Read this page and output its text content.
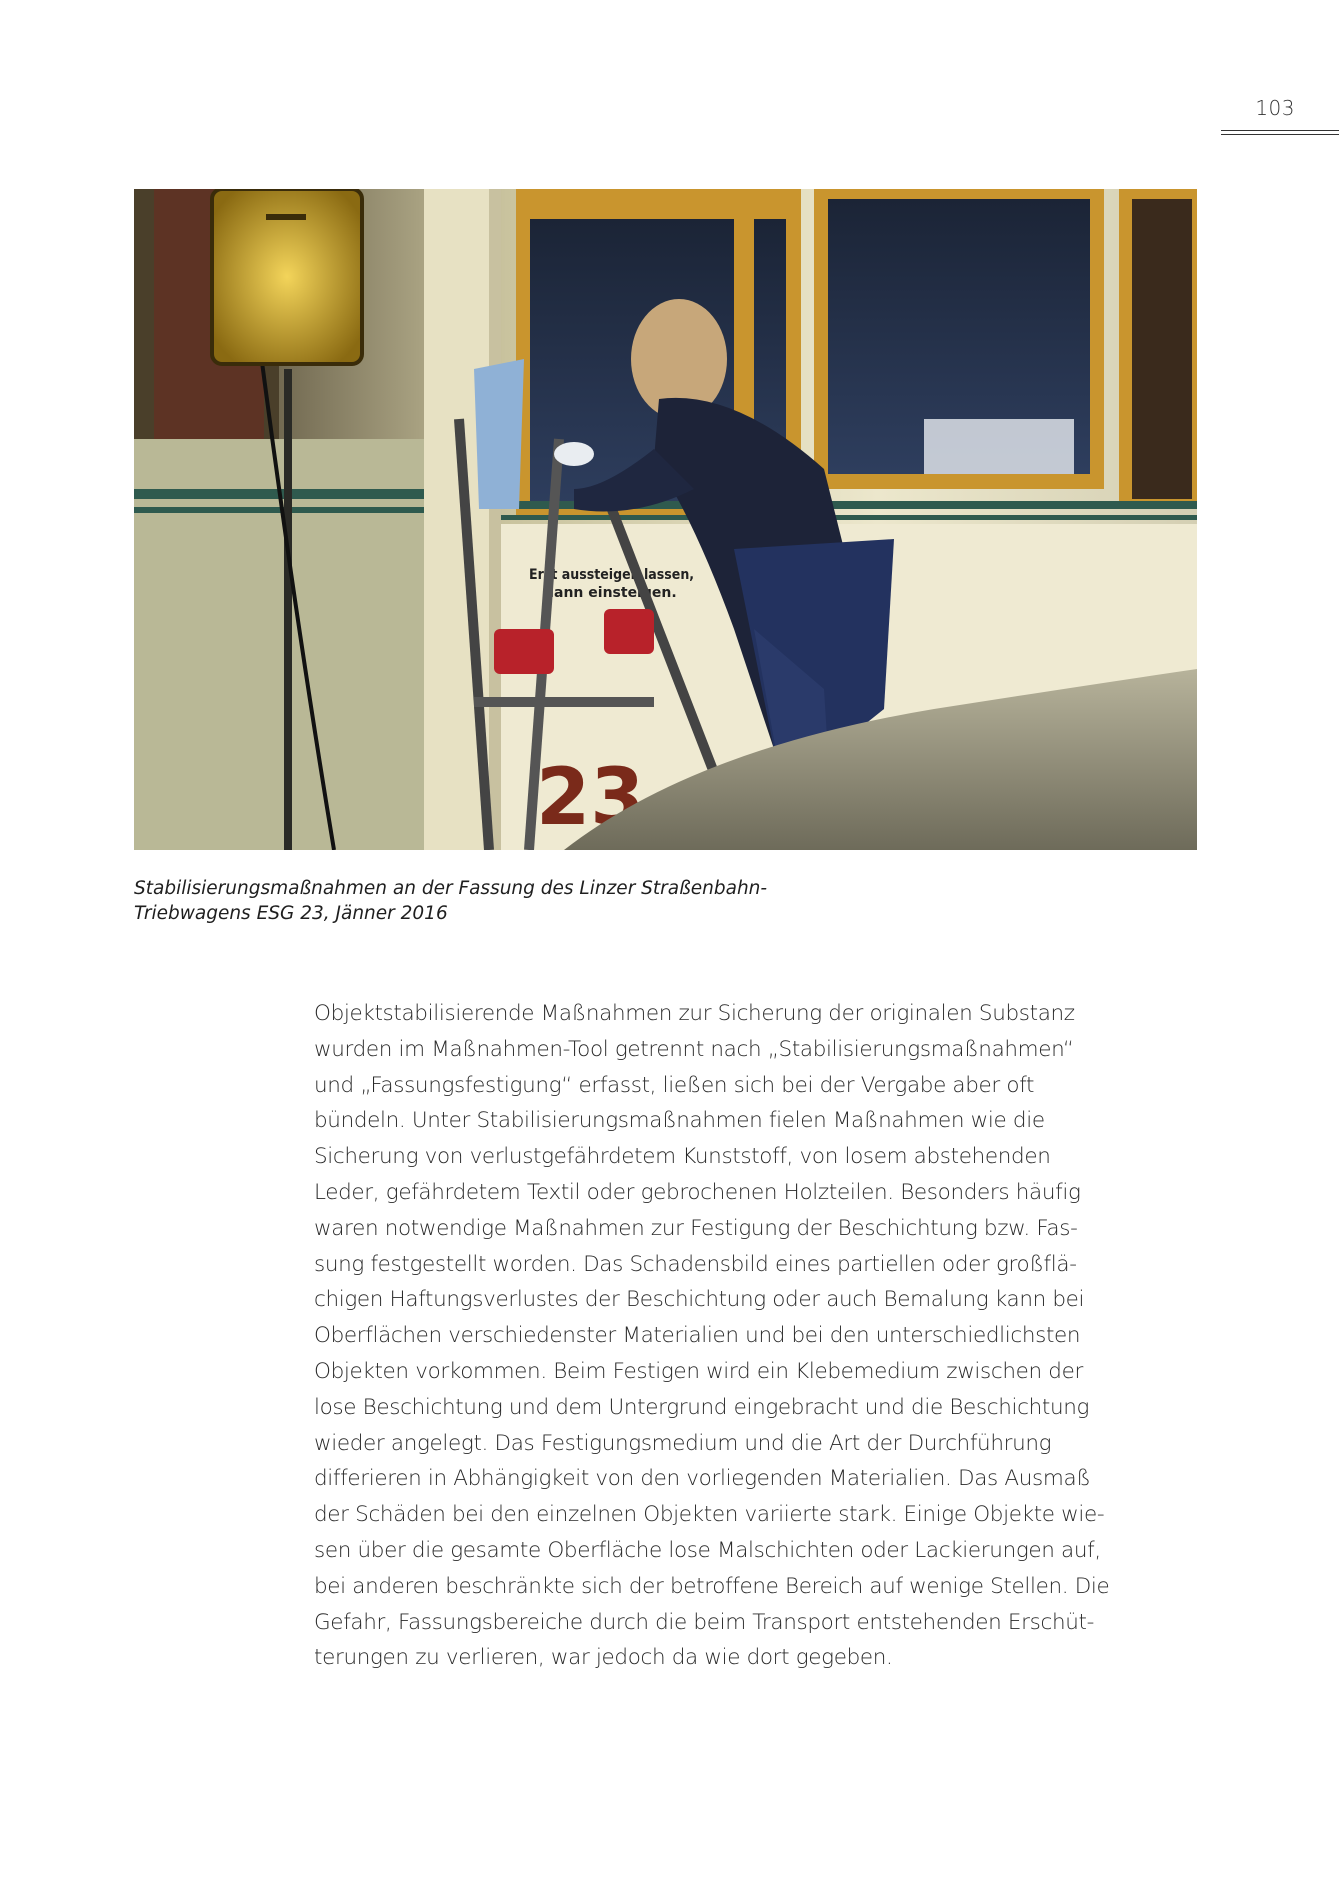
103
Erst aussteigen lassen,
dann einsteigen.
23
Stabilisierungsmaßnahmen an der Fassung des Linzer Straßenbahn-
Triebwagens ESG 23, Jänner 2016
Objektstabilisierende Maßnahmen zur Sicherung der originalen Substanz
wurden im Maßnahmen-Tool getrennt nach „Stabilisierungsmaßnahmen“
und „Fassungsfestigung“ erfasst, ließen sich bei der Vergabe aber oft
bündeln. Unter Stabilisierungsmaßnahmen fielen Maßnahmen wie die
Sicherung von verlustgefährdetem Kunststoff, von losem abstehenden
Leder, gefährdetem Textil oder gebrochenen Holzteilen. Besonders häufig
waren notwendige Maßnahmen zur Festigung der Beschichtung bzw. Fas-
sung festgestellt worden. Das Schadensbild eines partiellen oder großflä-
chigen Haftungsverlustes der Beschichtung oder auch Bemalung kann bei
Oberflächen verschiedenster Materialien und bei den unterschiedlichsten
Objekten vorkommen. Beim Festigen wird ein Klebemedium zwischen der
lose Beschichtung und dem Untergrund eingebracht und die Beschichtung
wieder angelegt. Das Festigungsmedium und die Art der Durchführung
differieren in Abhängigkeit von den vorliegenden Materialien. Das Ausmaß
der Schäden bei den einzelnen Objekten variierte stark. Einige Objekte wie-
sen über die gesamte Oberfläche lose Malschichten oder Lackierungen auf,
bei anderen beschränkte sich der betroffene Bereich auf wenige Stellen. Die
Gefahr, Fassungsbereiche durch die beim Transport entstehenden Erschüt-
terungen zu verlieren, war jedoch da wie dort gegeben.
